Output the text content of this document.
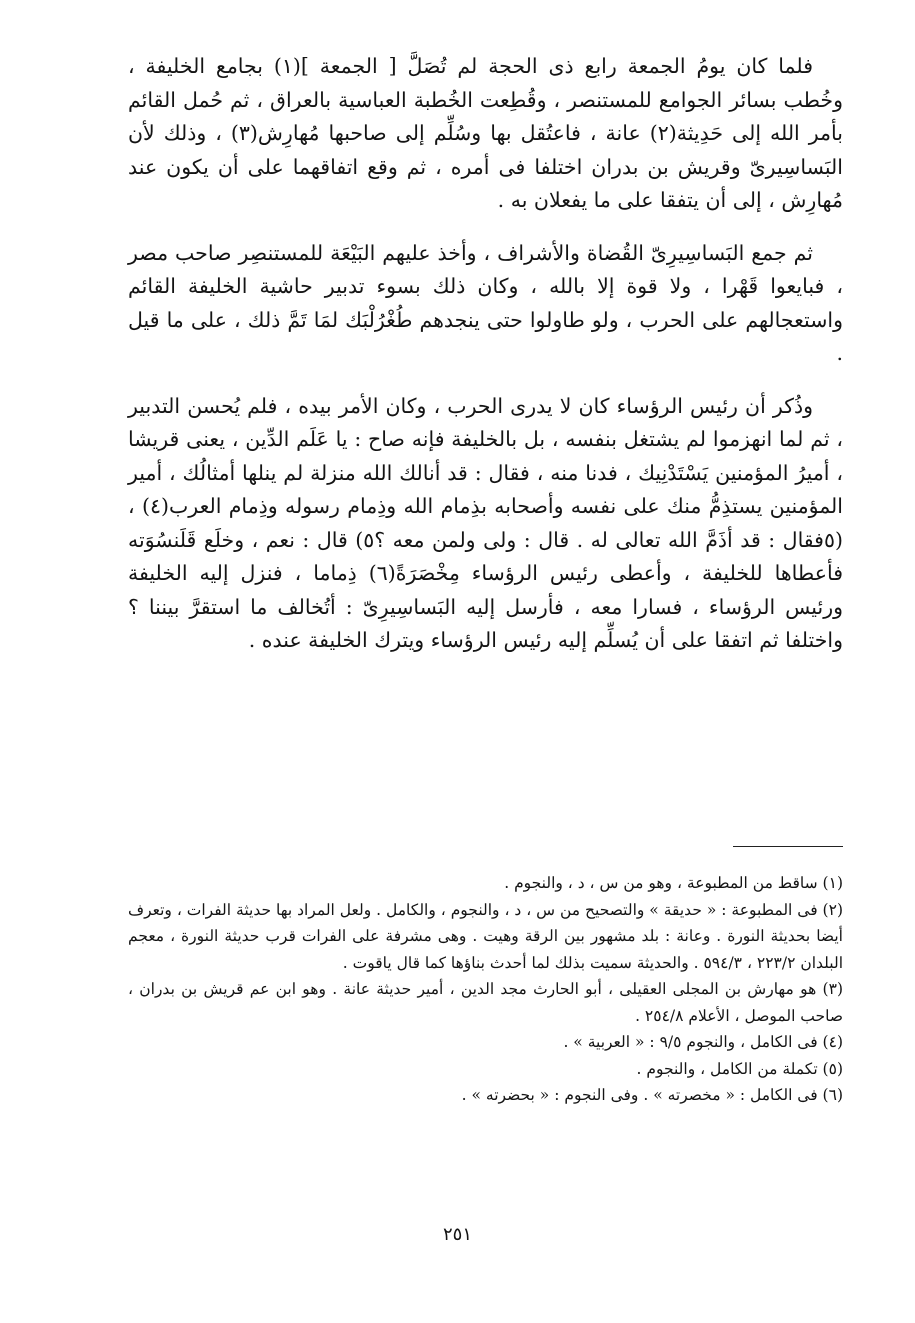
فلما كان يومُ الجمعة رابع ذى الحجة لم تُصَلَّ [ الجمعة ](١) بجامع الخليفة ، وخُطب بسائر الجوامع للمستنصر ، وقُطِعت الخُطبة العباسية بالعراق ، ثم حُمل القائم بأمر الله إلى حَدِيثة(٢) عانة ، فاعتُقل بها وسُلِّم إلى صاحبها مُهارِش(٣) ، وذلك لأن البَساسِيرىّ وقريش بن بدران اختلفا فى أمره ، ثم وقع اتفاقهما على أن يكون عند مُهارِش ، إلى أن يتفقا على ما يفعلان به .

ثم جمع البَساسِيرِىّ القُضاة والأشراف ، وأخذ عليهم البَيْعَة للمستنصِر صاحب مصر ، فبايعوا قَهْرا ، ولا قوة إلا بالله ، وكان ذلك بسوء تدبير حاشية الخليفة القائم واستعجالهم على الحرب ، ولو طاولوا حتى ينجدهم طُغْرُلْبَك لمَا تَمَّ ذلك ، على ما قيل .

وذُكر أن رئيس الرؤساء كان لا يدرى الحرب ، وكان الأمر بيده ، فلم يُحسن التدبير ، ثم لما انهزموا لم يشتغل بنفسه ، بل بالخليفة فإنه صاح : يا عَلَم الدِّين ، يعنى قريشا ، أميرُ المؤمنين يَسْتَدْنِيك ، فدنا منه ، فقال : قد أنالك الله منزلة لم ينلها أمثالُك ، أمير المؤمنين يستذِمُّ منك على نفسه وأصحابه بذِمام الله وذِمام رسوله وذِمام العرب(٤) ، (٥فقال : قد أذَمَّ الله تعالى له . قال : ولى ولمن معه ؟٥) قال : نعم ، وخلَع قَلَنسُوَته فأعطاها للخليفة ، وأعطى رئيس الرؤساء مِخْصَرَةً(٦) ذِماما ، فنزل إليه الخليفة ورئيس الرؤساء ، فسارا معه ، فأرسل إليه البَساسِيرِىّ : أتُخالف ما استقرَّ بيننا ؟ واختلفا ثم اتفقا على أن يُسلِّم إليه رئيس الرؤساء ويترك الخليفة عنده .

(١) ساقط من المطبوعة ، وهو من س ، د ، والنجوم .

(٢) فى المطبوعة : « حديقة » والتصحيح من س ، د ، والنجوم ، والكامل . ولعل المراد بها حديثة الفرات ، وتعرف أيضا بحديثة النورة . وعانة : بلد مشهور بين الرقة وهيت . وهى مشرفة على الفرات قرب حديثة النورة ، معجم البلدان ٢٢٣/٢ ، ٥٩٤/٣ . والحديثة سميت بذلك لما أحدث بناؤها كما قال ياقوت .

(٣) هو مهارش بن المجلى العقيلى ، أبو الحارث مجد الدين ، أمير حديثة عانة . وهو ابن عم قريش بن بدران ، صاحب الموصل ، الأعلام ٢٥٤/٨ .

(٤) فى الكامل ، والنجوم ٩/٥ : « العربية » .

(٥) تكملة من الكامل ، والنجوم .

(٦) فى الكامل : « مخصرته » . وفى النجوم : « بحضرته » .

٢٥١
